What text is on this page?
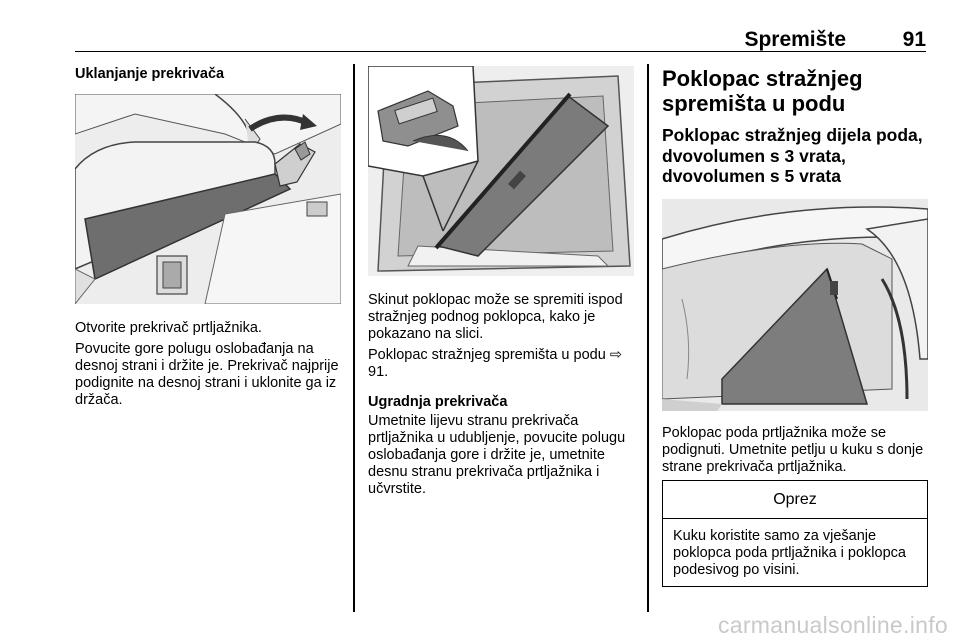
Spremište	91
Uklanjanje prekrivača
Otvorite prekrivač prtljažnika.
Povucite gore polugu oslobađanja na desnoj strani i držite je. Prekrivač najprije podignite na desnoj strani i uklonite ga iz držača.
Skinut poklopac može se spremiti ispod stražnjeg podnog poklopca, kako je pokazano na slici.
Poklopac stražnjeg spremišta u podu ⇨ 91.
Ugradnja prekrivača
Umetnite lijevu stranu prekrivača prtljažnika u udubljenje, povucite polugu oslobađanja gore i držite je, umetnite desnu stranu prekrivača prtljažnika i učvrstite.
Poklopac stražnjeg spremišta u podu
Poklopac stražnjeg dijela poda, dvovolumen s 3 vrata, dvovolumen s 5 vrata
Poklopac poda prtljažnika može se podignuti. Umetnite petlju u kuku s donje strane prekrivača prtljažnika.
Oprez
Kuku koristite samo za vješanje poklopca poda prtljažnika i poklopca podesivog po visini.
carmanualsonline.info
